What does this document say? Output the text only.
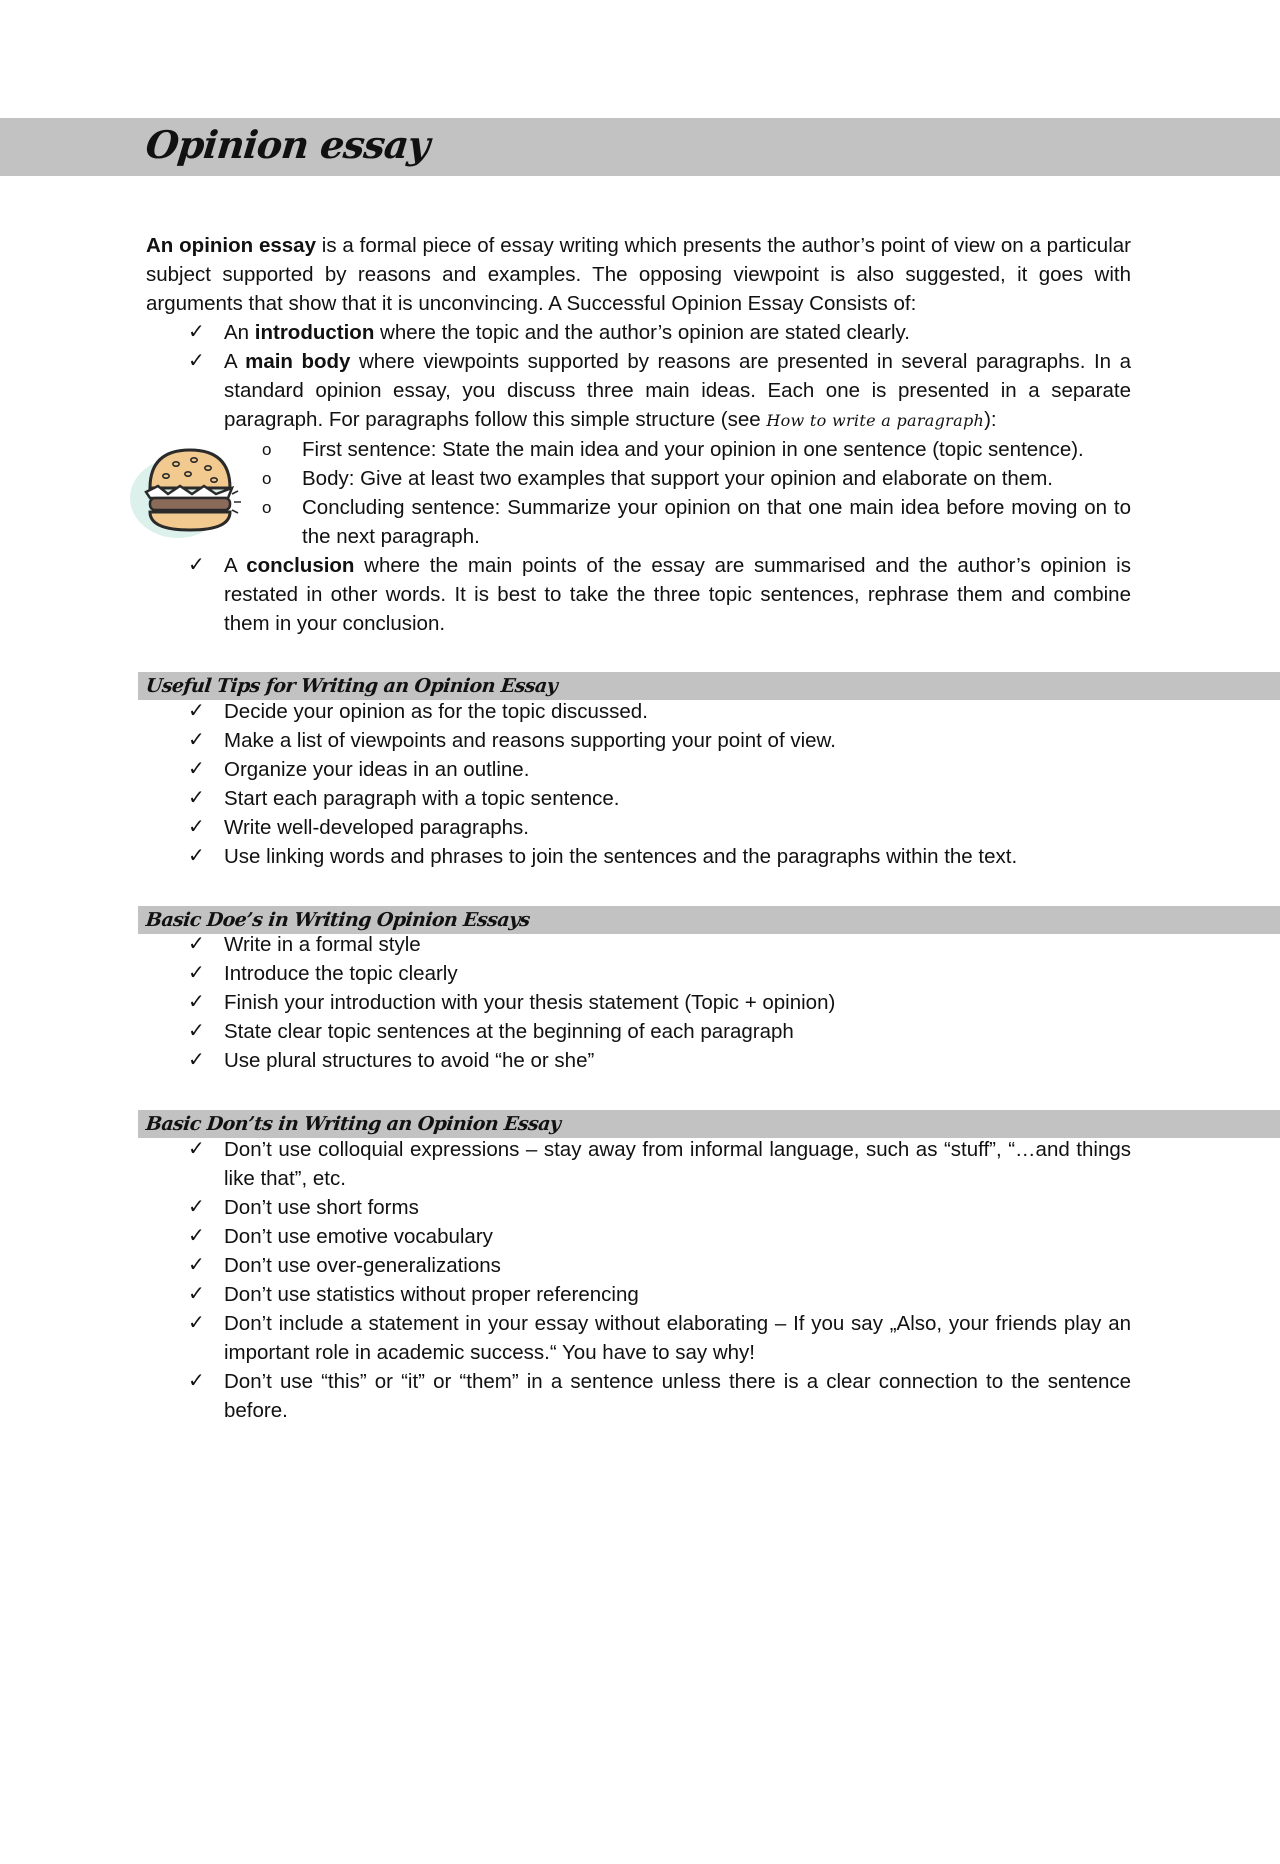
Opinion essay
An opinion essay is a formal piece of essay writing which presents the author’s point of view on a particular subject supported by reasons and examples. The opposing viewpoint is also suggested, it goes with arguments that show that it is unconvincing. A Successful Opinion Essay Consists of:
✓ An introduction where the topic and the author’s opinion are stated clearly.
✓ A main body where viewpoints supported by reasons are presented in several paragraphs. In a standard opinion essay, you discuss three main ideas. Each one is presented in a separate paragraph. For paragraphs follow this simple structure (see How to write a paragraph):
o First sentence: State the main idea and your opinion in one sentence (topic sentence).
o Body: Give at least two examples that support your opinion and elaborate on them.
o Concluding sentence: Summarize your opinion on that one main idea before moving on to the next paragraph.
✓ A conclusion where the main points of the essay are summarised and the author’s opinion is restated in other words. It is best to take the three topic sentences, rephrase them and combine them in your conclusion.
Useful Tips for Writing an Opinion Essay
✓ Decide your opinion as for the topic discussed.
✓ Make a list of viewpoints and reasons supporting your point of view.
✓ Organize your ideas in an outline.
✓ Start each paragraph with a topic sentence.
✓ Write well-developed paragraphs.
✓ Use linking words and phrases to join the sentences and the paragraphs within the text.
Basic Doe’s in Writing Opinion Essays
✓ Write in a formal style
✓ Introduce the topic clearly
✓ Finish your introduction with your thesis statement (Topic + opinion)
✓ State clear topic sentences at the beginning of each paragraph
✓ Use plural structures to avoid “he or she”
Basic Don’ts in Writing an Opinion Essay
✓ Don’t use colloquial expressions – stay away from informal language, such as “stuff”, “…and things like that”, etc.
✓ Don’t use short forms
✓ Don’t use emotive vocabulary
✓ Don’t use over-generalizations
✓ Don’t use statistics without proper referencing
✓ Don’t include a statement in your essay without elaborating – If you say „Also, your friends play an important role in academic success.“ You have to say why!
✓ Don’t use “this” or “it” or “them” in a sentence unless there is a clear connection to the sentence before.
